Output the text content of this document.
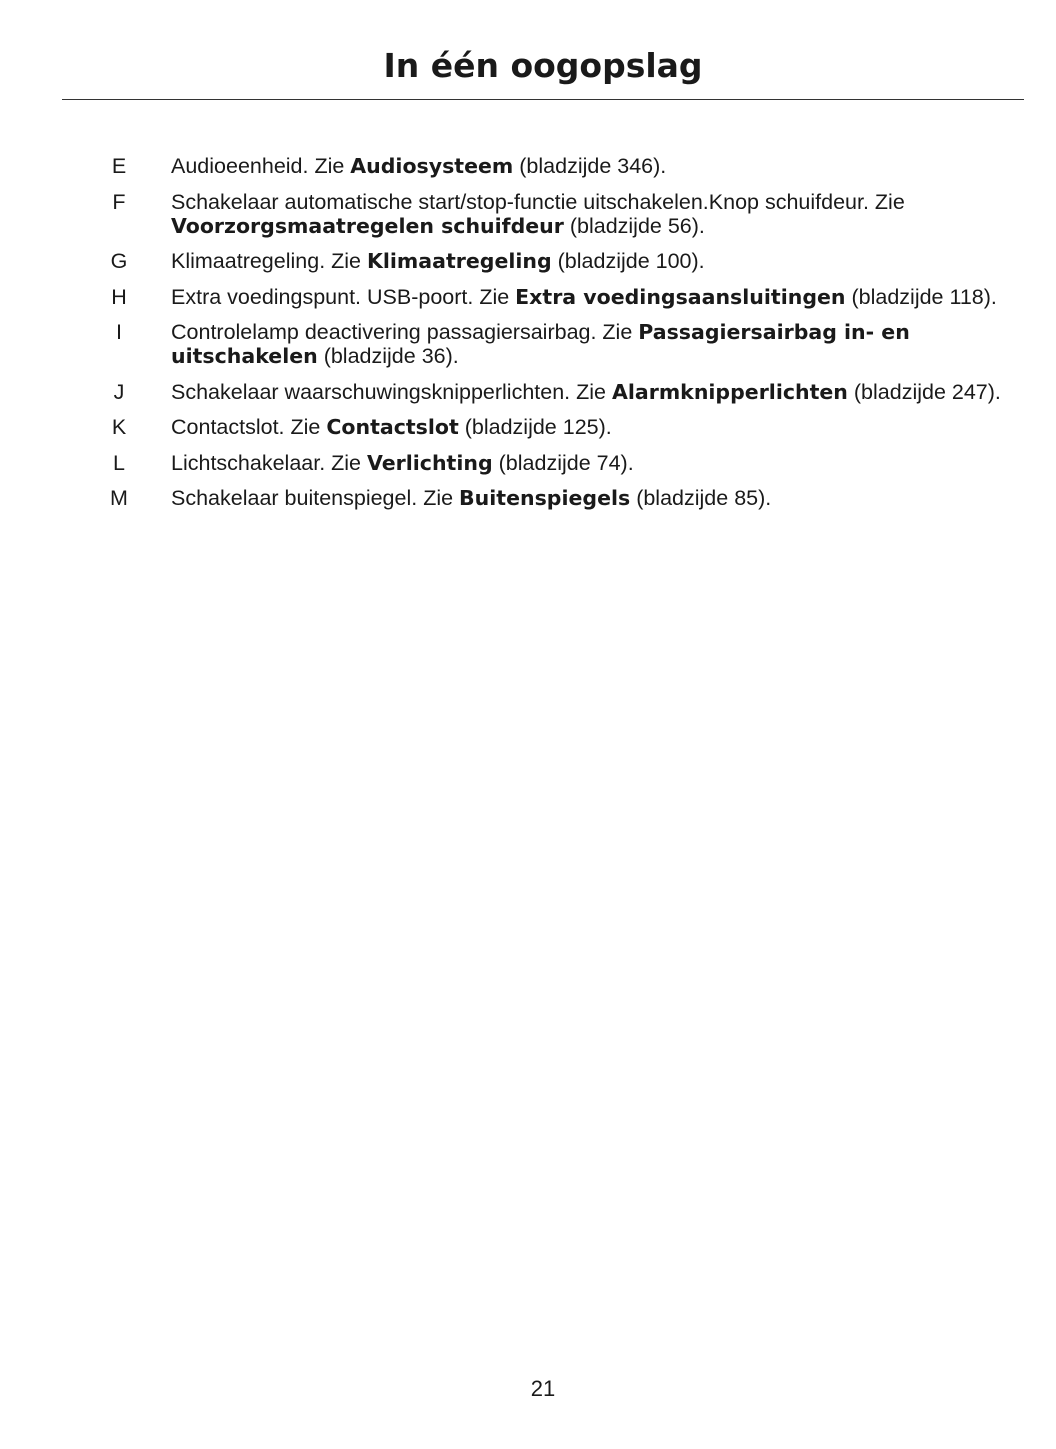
In één oogopslag
E Audioeenheid. Zie Audiosysteem (bladzijde 346).
F Schakelaar automatische start/stop-functie uitschakelen.Knop schuifdeur. Zie Voorzorgsmaatregelen schuifdeur (bladzijde 56).
G Klimaatregeling. Zie Klimaatregeling (bladzijde 100).
H Extra voedingspunt. USB-poort. Zie Extra voedingsaansluitingen (bladzijde 118).
I	Controlelamp deactivering passagiersairbag. Zie Passagiersairbag in- en uitschakelen (bladzijde 36).
J Schakelaar waarschuwingsknipperlichten. Zie Alarmknipperlichten (bladzijde 247).
K Contactslot. Zie Contactslot (bladzijde 125).
L Lichtschakelaar. Zie Verlichting (bladzijde 74).
M Schakelaar buitenspiegel. Zie Buitenspiegels (bladzijde 85).
21
